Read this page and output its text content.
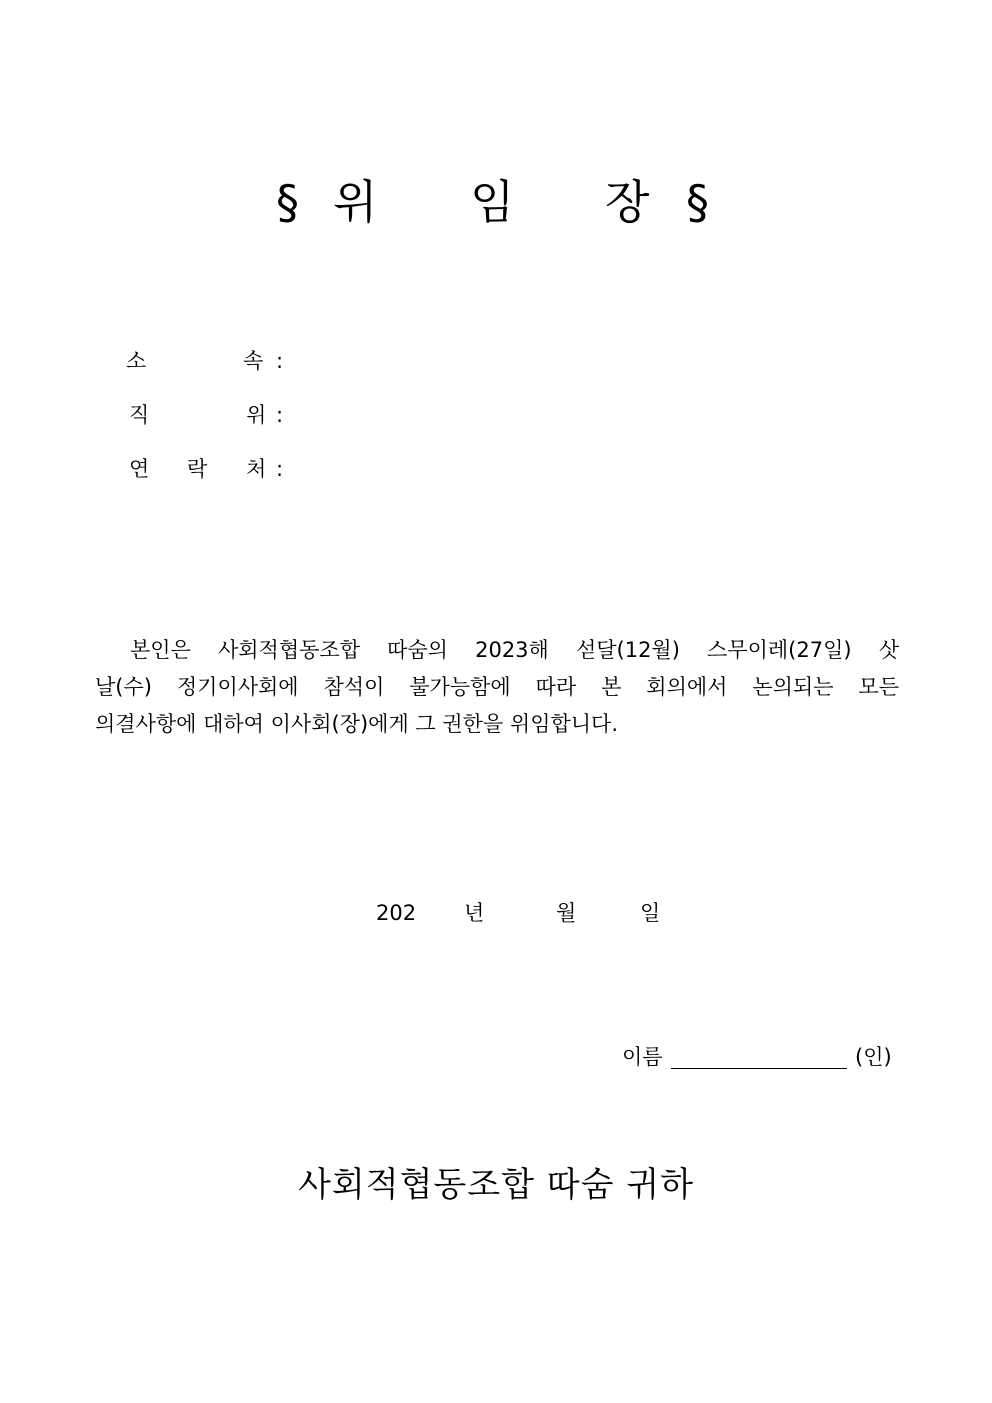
§ 위 임 장 §
소	속 :
직	위 :
연 락 처 :
본인은 사회적협동조합 따숨의 2023해 섣달(12월) 스무이레(27일) 삿
날(수) 정기이사회에 참석이 불가능함에 따라 본 회의에서 논의되는 모든
의결사항에 대하여 이사회(장)에게 그 권한을 위임합니다.
202 년	월	일
이름	(인)
사회적협동조합 따숨 귀하
